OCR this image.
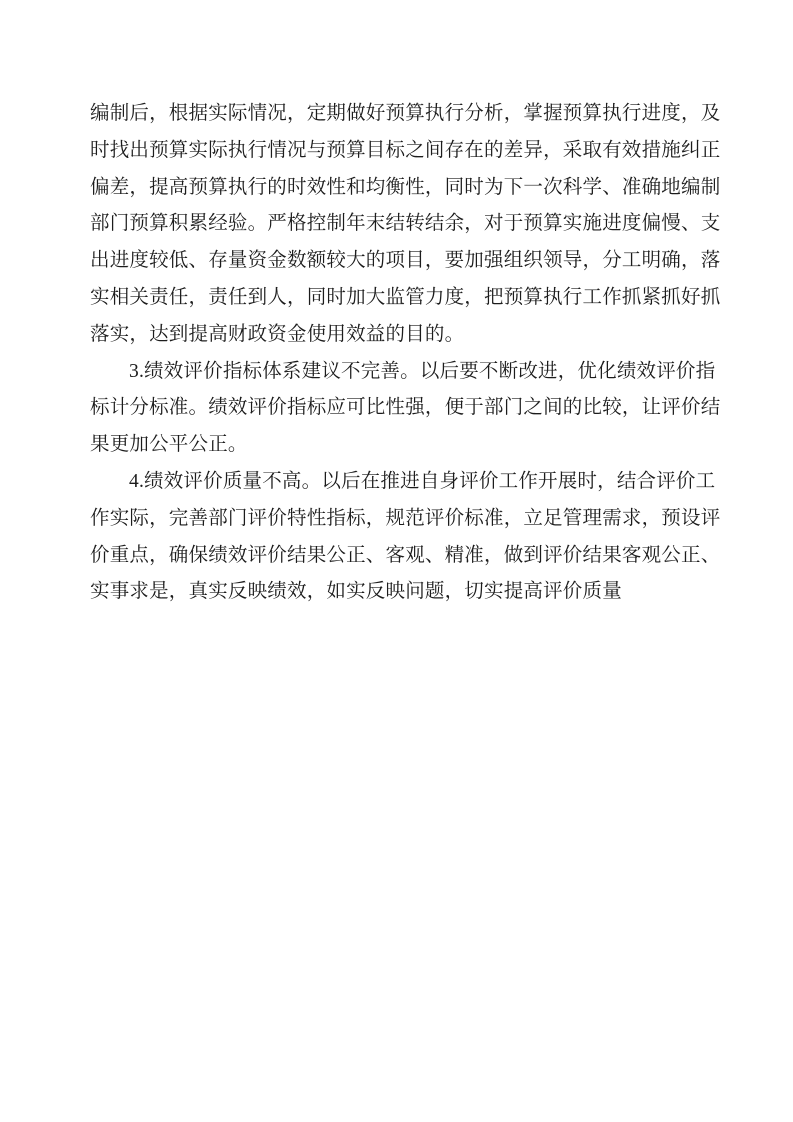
编制后，根据实际情况，定期做好预算执行分析，掌握预算执行进度，及
时找出预算实际执行情况与预算目标之间存在的差异，采取有效措施纠正
偏差，提高预算执行的时效性和均衡性，同时为下一次科学、准确地编制
部门预算积累经验。严格控制年末结转结余，对于预算实施进度偏慢、支
出进度较低、存量资金数额较大的项目，要加强组织领导，分工明确，落
实相关责任，责任到人，同时加大监管力度，把预算执行工作抓紧抓好抓
落实，达到提高财政资金使用效益的目的。
3.绩效评价指标体系建议不完善。以后要不断改进，优化绩效评价指
标计分标准。绩效评价指标应可比性强，便于部门之间的比较，让评价结
果更加公平公正。
4.绩效评价质量不高。以后在推进自身评价工作开展时，结合评价工
作实际，完善部门评价特性指标，规范评价标准，立足管理需求，预设评
价重点，确保绩效评价结果公正、客观、精准，做到评价结果客观公正、
实事求是，真实反映绩效，如实反映问题，切实提高评价质量
